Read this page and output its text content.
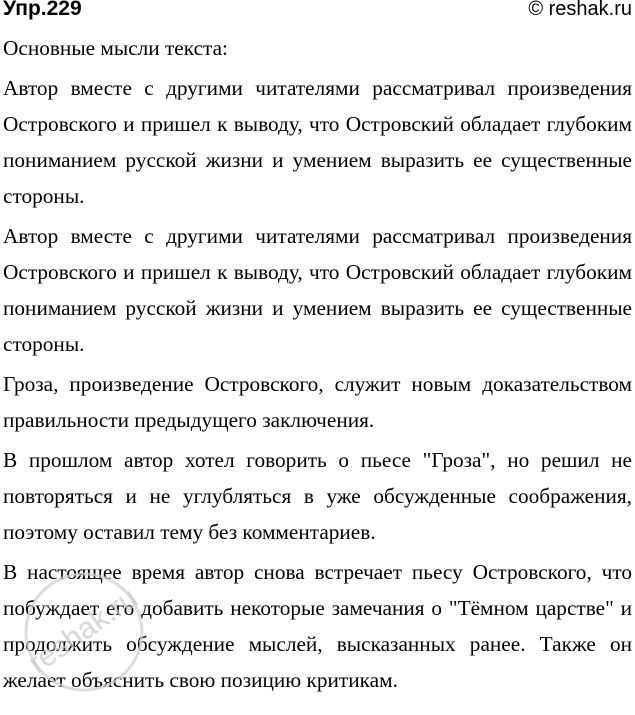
Упр.229	© reshak.ru

Основные мысли текста:

Автор вместе с другими читателями рассматривал произведения Островского и пришел к выводу, что Островский обладает глубоким пониманием русской жизни и умением выразить ее существенные стороны.

Автор вместе с другими читателями рассматривал произведения Островского и пришел к выводу, что Островский обладает глубоким пониманием русской жизни и умением выразить ее существенные стороны.

Гроза, произведение Островского, служит новым доказательством правильности предыдущего заключения.

В прошлом автор хотел говорить о пьесе "Гроза", но решил не повторяться и не углубляться в уже обсужденные соображения, поэтому оставил тему без комментариев.

В настоящее время автор снова встречает пьесу Островского, что побуждает его добавить некоторые замечания о "Тёмном царстве" и продолжить обсуждение мыслей, высказанных ранее. Также он желает объяснить свою позицию критикам.

reshak.ru
